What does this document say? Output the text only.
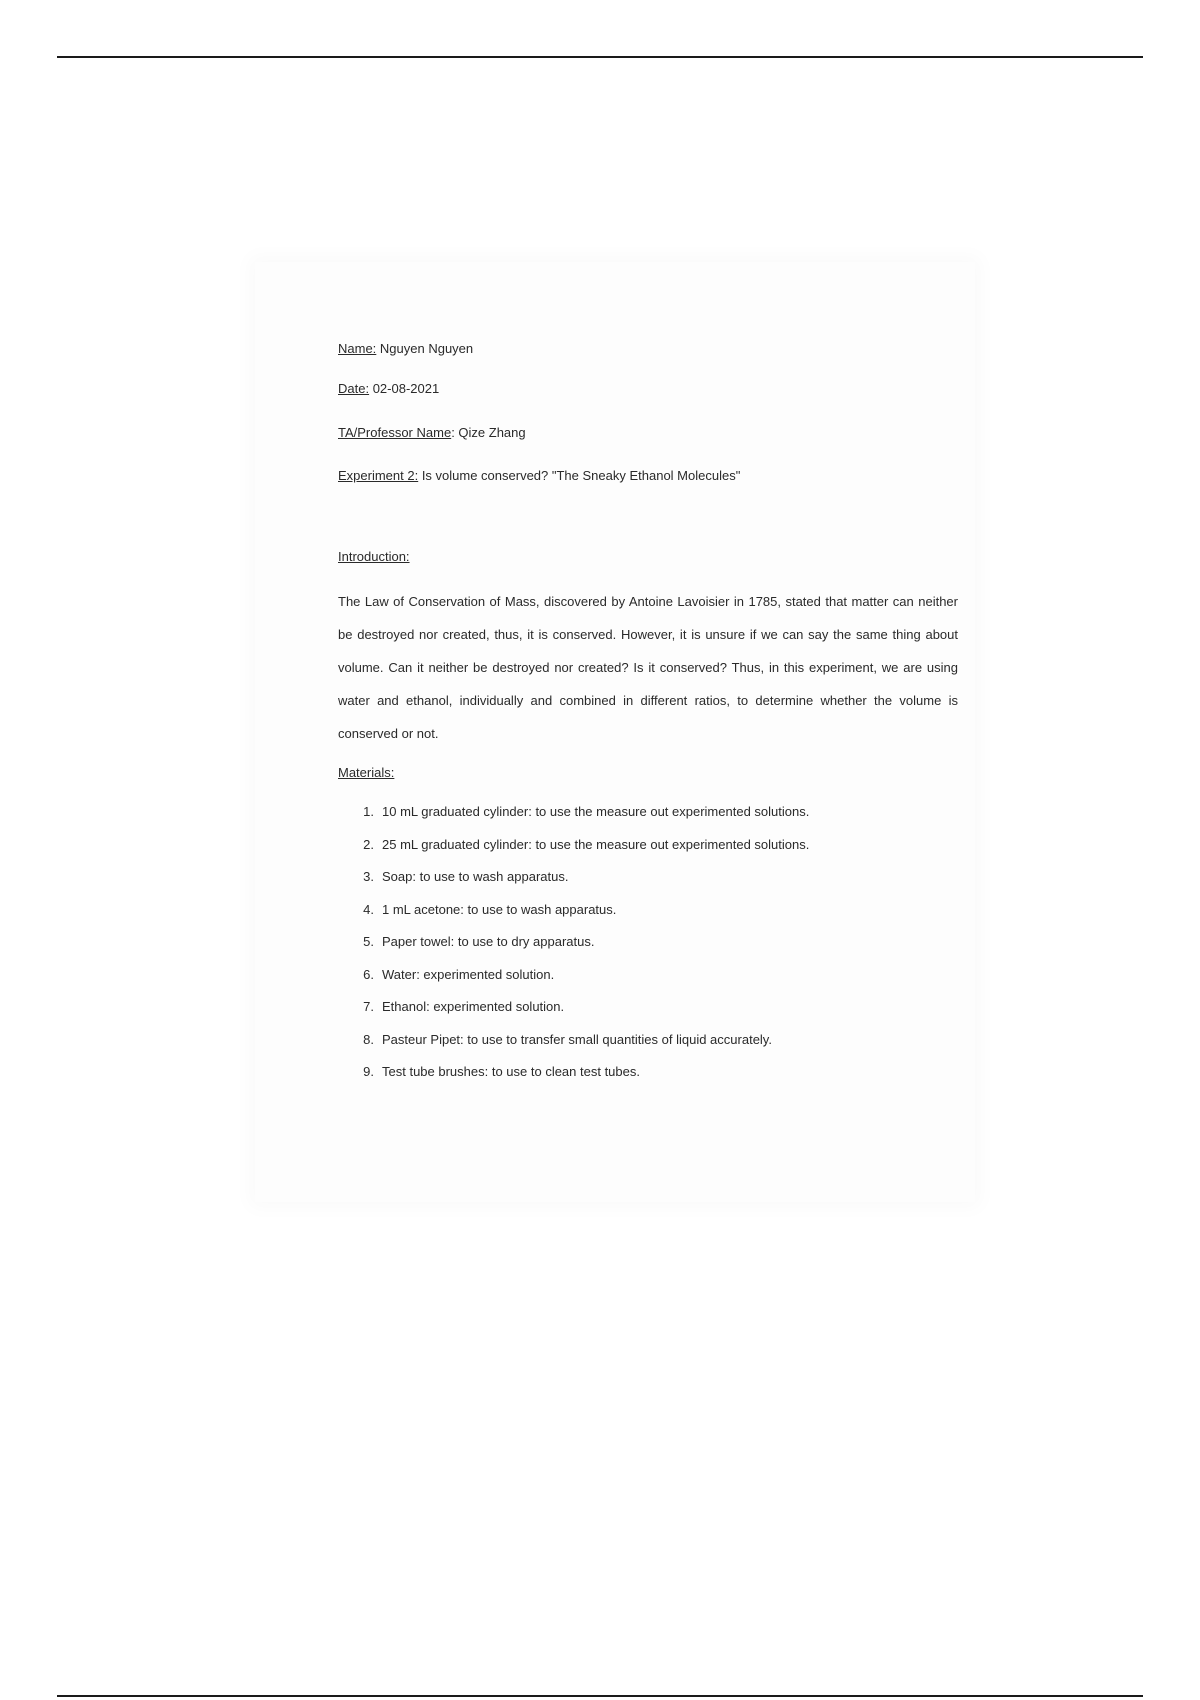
Name: Nguyen Nguyen
Date: 02-08-2021
TA/Professor Name: Qize Zhang
Experiment 2: Is volume conserved? "The Sneaky Ethanol Molecules"
Introduction:
The Law of Conservation of Mass, discovered by Antoine Lavoisier in 1785, stated that matter can neither be destroyed nor created, thus, it is conserved. However, it is unsure if we can say the same thing about volume. Can it neither be destroyed nor created? Is it conserved? Thus, in this experiment, we are using water and ethanol, individually and combined in different ratios, to determine whether the volume is conserved or not.
Materials:
1. 10 mL graduated cylinder: to use the measure out experimented solutions.
2. 25 mL graduated cylinder: to use the measure out experimented solutions.
3. Soap: to use to wash apparatus.
4. 1 mL acetone: to use to wash apparatus.
5. Paper towel: to use to dry apparatus.
6. Water: experimented solution.
7. Ethanol: experimented solution.
8. Pasteur Pipet: to use to transfer small quantities of liquid accurately.
9. Test tube brushes: to use to clean test tubes.
